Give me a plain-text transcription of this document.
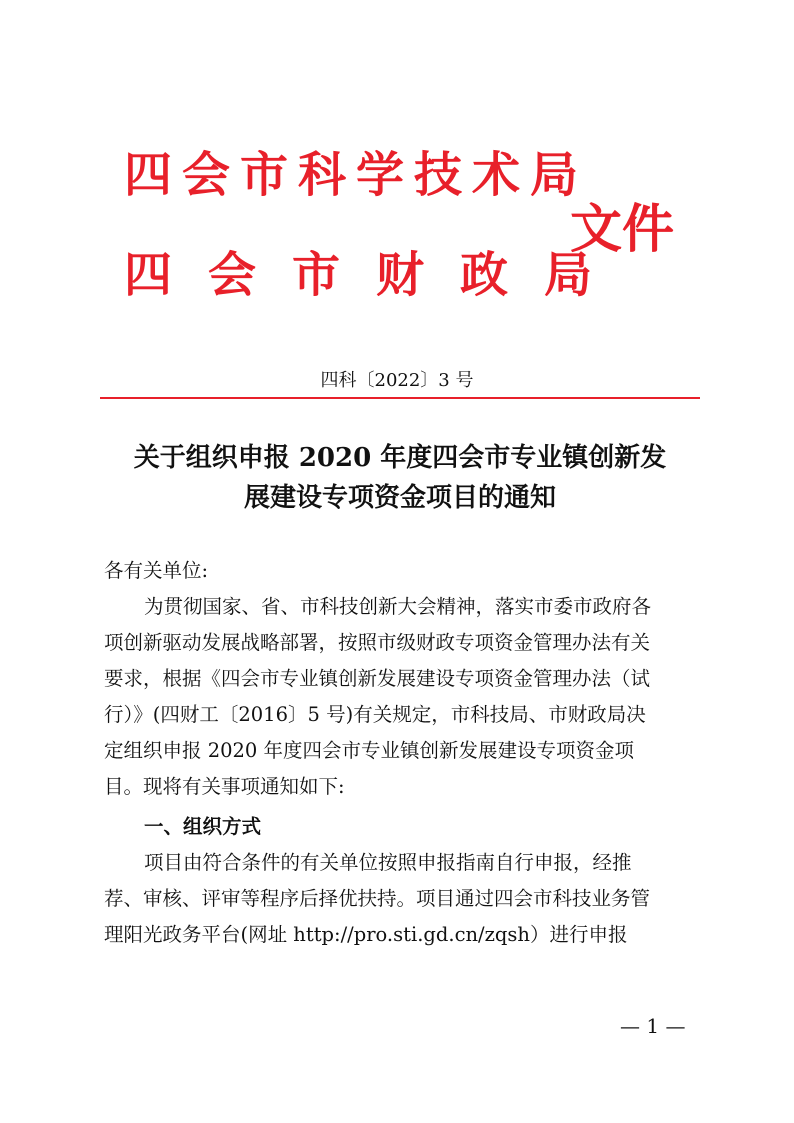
四会市科学技术局
四会市财政局
文件
四科〔2022〕3 号
关于组织申报 2020 年度四会市专业镇创新发
展建设专项资金项目的通知

各有关单位:

为贯彻国家、省、市科技创新大会精神，落实市委市政府各

项创新驱动发展战略部署，按照市级财政专项资金管理办法有关

要求，根据《四会市专业镇创新发展建设专项资金管理办法（试

行）》(四财工〔2016〕5 号)有关规定，市科技局、市财政局决

定组织申报 2020 年度四会市专业镇创新发展建设专项资金项

目。现将有关事项通知如下:

一、组织方式

项目由符合条件的有关单位按照申报指南自行申报，经推

荐、审核、评审等程序后择优扶持。项目通过四会市科技业务管

理阳光政务平台(网址 http://pro.sti.gd.cn/zqsh）进行申报

— 1 —
